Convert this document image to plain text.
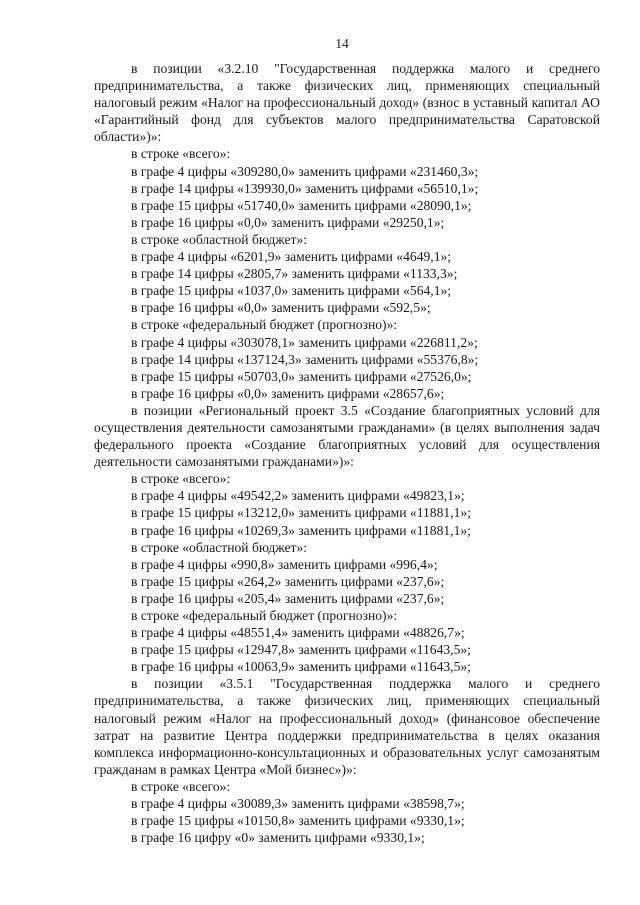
14

в позиции «3.2.10 "Государственная поддержка малого и среднего предпринимательства, а также физических лиц, применяющих специальный налоговый режим «Налог на профессиональный доход» (взнос в уставный капитал АО «Гарантийный фонд для субъектов малого предпринимательства Саратовской области»)»:

в строке «всего»:

в графе 4 цифры «309280,0» заменить цифрами «231460,3»;

в графе 14 цифры «139930,0» заменить цифрами «56510,1»;

в графе 15 цифры «51740,0» заменить цифрами «28090,1»;

в графе 16 цифры «0,0» заменить цифрами «29250,1»;

в строке «областной бюджет»:

в графе 4 цифры «6201,9» заменить цифрами «4649,1»;

в графе 14 цифры «2805,7» заменить цифрами «1133,3»;

в графе 15 цифры «1037,0» заменить цифрами «564,1»;

в графе 16 цифры «0,0» заменить цифрами «592,5»;

в строке «федеральный бюджет (прогнозно)»:

в графе 4 цифры «303078,1» заменить цифрами «226811,2»;

в графе 14 цифры «137124,3» заменить цифрами «55376,8»;

в графе 15 цифры «50703,0» заменить цифрами «27526,0»;

в графе 16 цифры «0,0» заменить цифрами «28657,6»;

в позиции «Региональный проект 3.5 «Создание благоприятных условий для осуществления деятельности самозанятыми гражданами» (в целях выполнения задач федерального проекта «Создание благоприятных условий для осуществления деятельности самозанятыми гражданами»)»:

в строке «всего»:

в графе 4 цифры «49542,2» заменить цифрами «49823,1»;

в графе 15 цифры «13212,0» заменить цифрами «11881,1»;

в графе 16 цифры «10269,3» заменить цифрами «11881,1»;

в строке «областной бюджет»:

в графе 4 цифры «990,8» заменить цифрами «996,4»;

в графе 15 цифры «264,2» заменить цифрами «237,6»;

в графе 16 цифры «205,4» заменить цифрами «237,6»;

в строке «федеральный бюджет (прогнозно)»:

в графе 4 цифры «48551,4» заменить цифрами «48826,7»;

в графе 15 цифры «12947,8» заменить цифрами «11643,5»;

в графе 16 цифры «10063,9» заменить цифрами «11643,5»;

в позиции «3.5.1 "Государственная поддержка малого и среднего предпринимательства, а также физических лиц, применяющих специальный налоговый режим «Налог на профессиональный доход» (финансовое обеспечение затрат на развитие Центра поддержки предпринимательства в целях оказания комплекса информационно-консультационных и образовательных услуг самозанятым гражданам в рамках Центра «Мой бизнес»)»:

в строке «всего»:

в графе 4 цифры «30089,3» заменить цифрами «38598,7»;

в графе 15 цифры «10150,8» заменить цифрами «9330,1»;

в графе 16 цифру «0» заменить цифрами «9330,1»;
